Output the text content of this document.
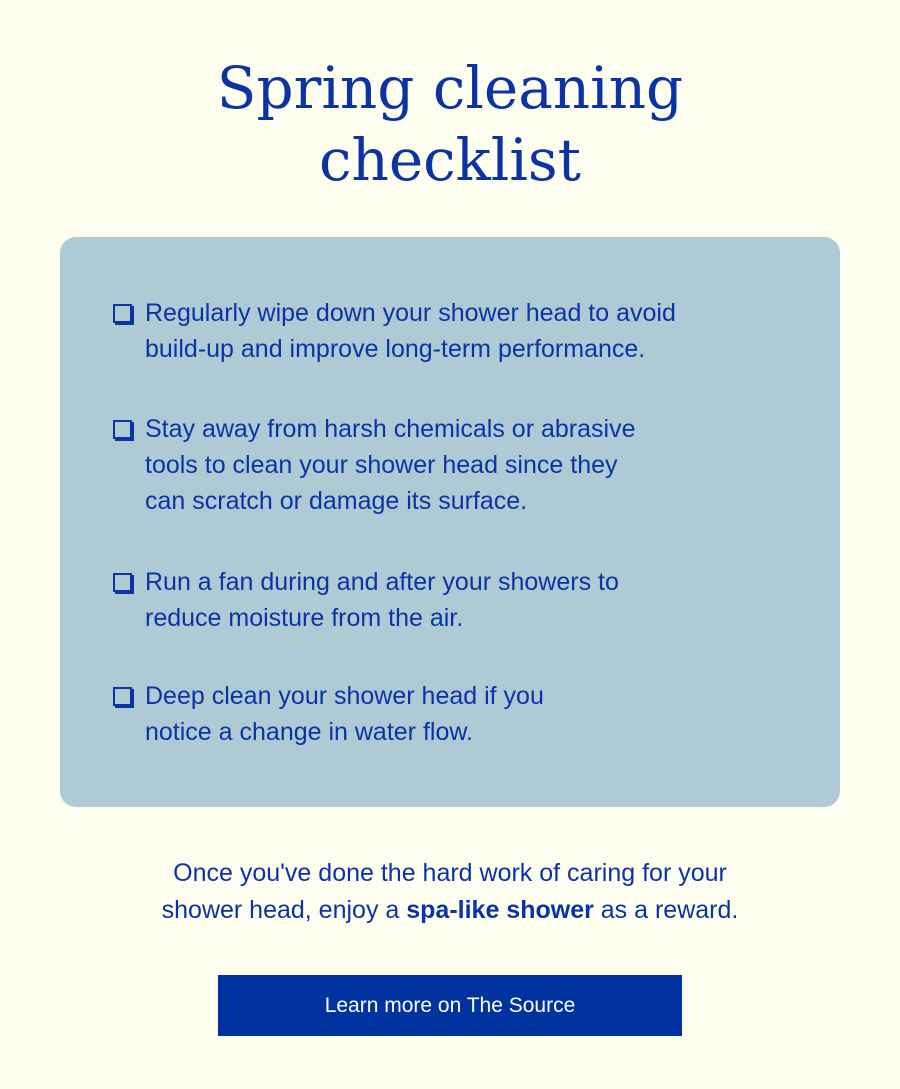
Spring cleaning
checklist
Regularly wipe down your shower head to avoid
build-up and improve long-term performance.
Stay away from harsh chemicals or abrasive
tools to clean your shower head since they
can scratch or damage its surface.
Run a fan during and after your showers to
reduce moisture from the air.
Deep clean your shower head if you
notice a change in water flow.
Once you've done the hard work of caring for your
shower head, enjoy a spa-like shower as a reward.
Learn more on The Source
